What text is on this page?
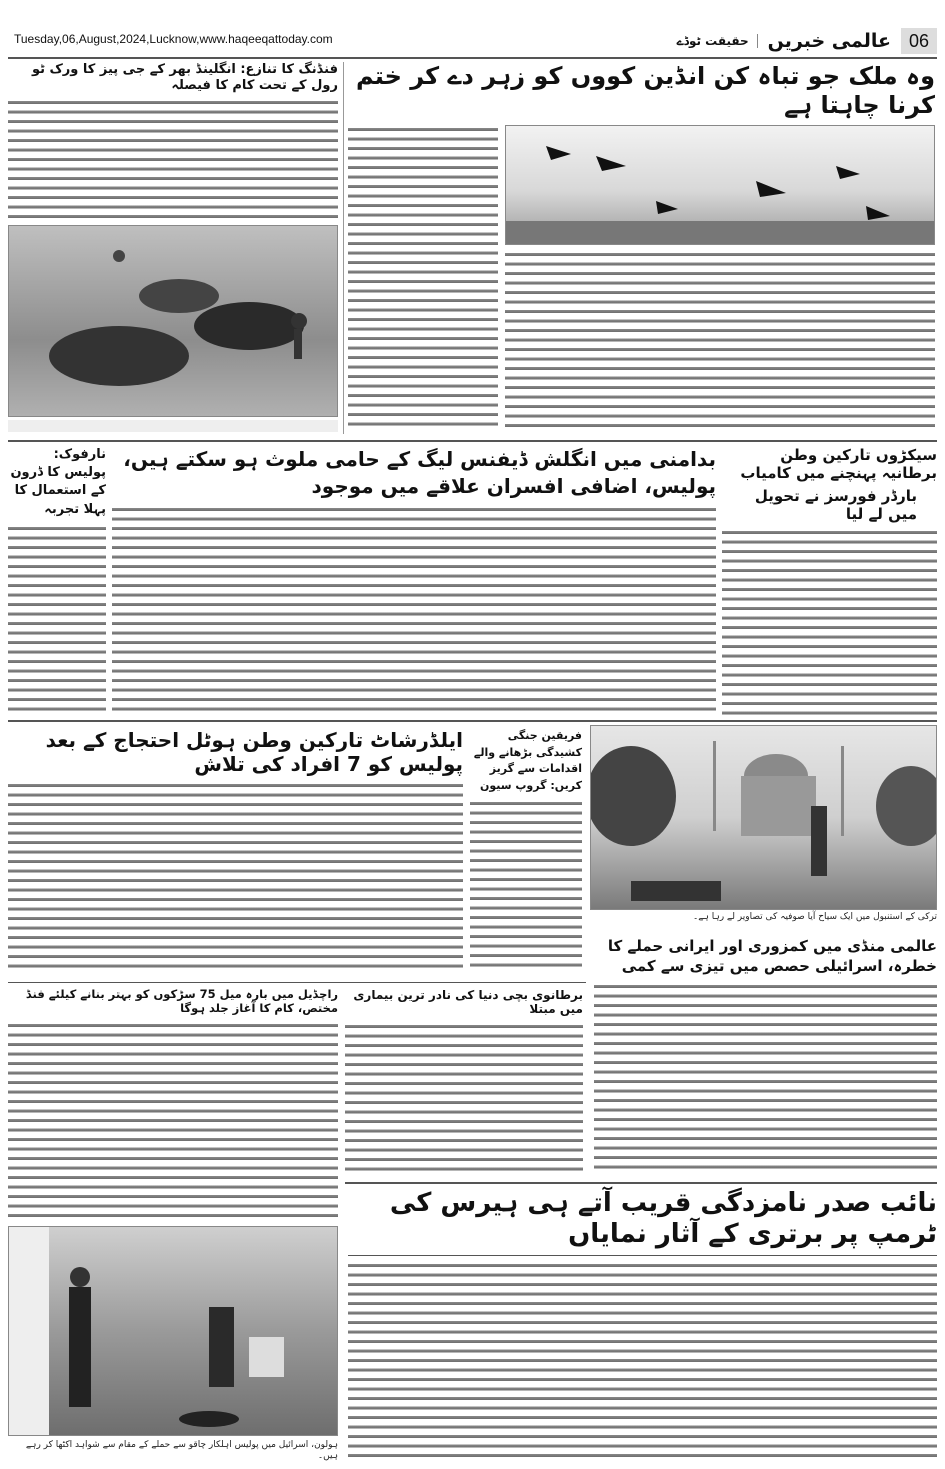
Tuesday,06,August,2024,Lucknow,www.haqeeqattoday.com	06
عالمی خبریں
حقیقت ٹوڈے
وہ ملک جو تباہ کن انڈین کووں کو زہر دے کر ختم کرنا چاہتا ہے
فنڈنگ کا تنازع: انگلینڈ بھر کے جی پیز کا ورک ٹو رول کے تحت کام کا فیصلہ
سیکڑوں تارکین وطن برطانیہ پہنچنے میں کامیاب
بارڈر فورسز نے تحویل میں لے لیا
بدامنی میں انگلش ڈیفنس لیگ کے حامی ملوث ہو سکتے ہیں، پولیس، اضافی افسران علاقے میں موجود
نارفوک: پولیس کا ڈرون کے استعمال کا پہلا تجربہ
ایلڈرشاٹ تارکین وطن ہوٹل احتجاج کے بعد پولیس کو 7 افراد کی تلاش
فریقین جنگی کشیدگی بڑھانے والے اقدامات سے گریز کریں: گروپ سیون
ترکی کے استنبول میں ایک سیاح آیا صوفیہ کی تصاویر لے رہا ہے۔
عالمی منڈی میں کمزوری اور ایرانی حملے کا خطرہ، اسرائیلی حصص میں تیزی سے کمی
برطانوی بچی دنیا کی نادر ترین بیماری میں مبتلا
راچڈیل میں بارہ میل 75 سڑکوں کو بہتر بنانے کیلئے فنڈ مختص، کام کا آغاز جلد ہوگا
نائب صدر نامزدگی قریب آتے ہی ہیرس کی ٹرمپ پر برتری کے آثار نمایاں
ہولون، اسرائیل میں پولیس اہلکار چاقو سے حملے کے مقام سے شواہد اکٹھا کر رہے ہیں۔
